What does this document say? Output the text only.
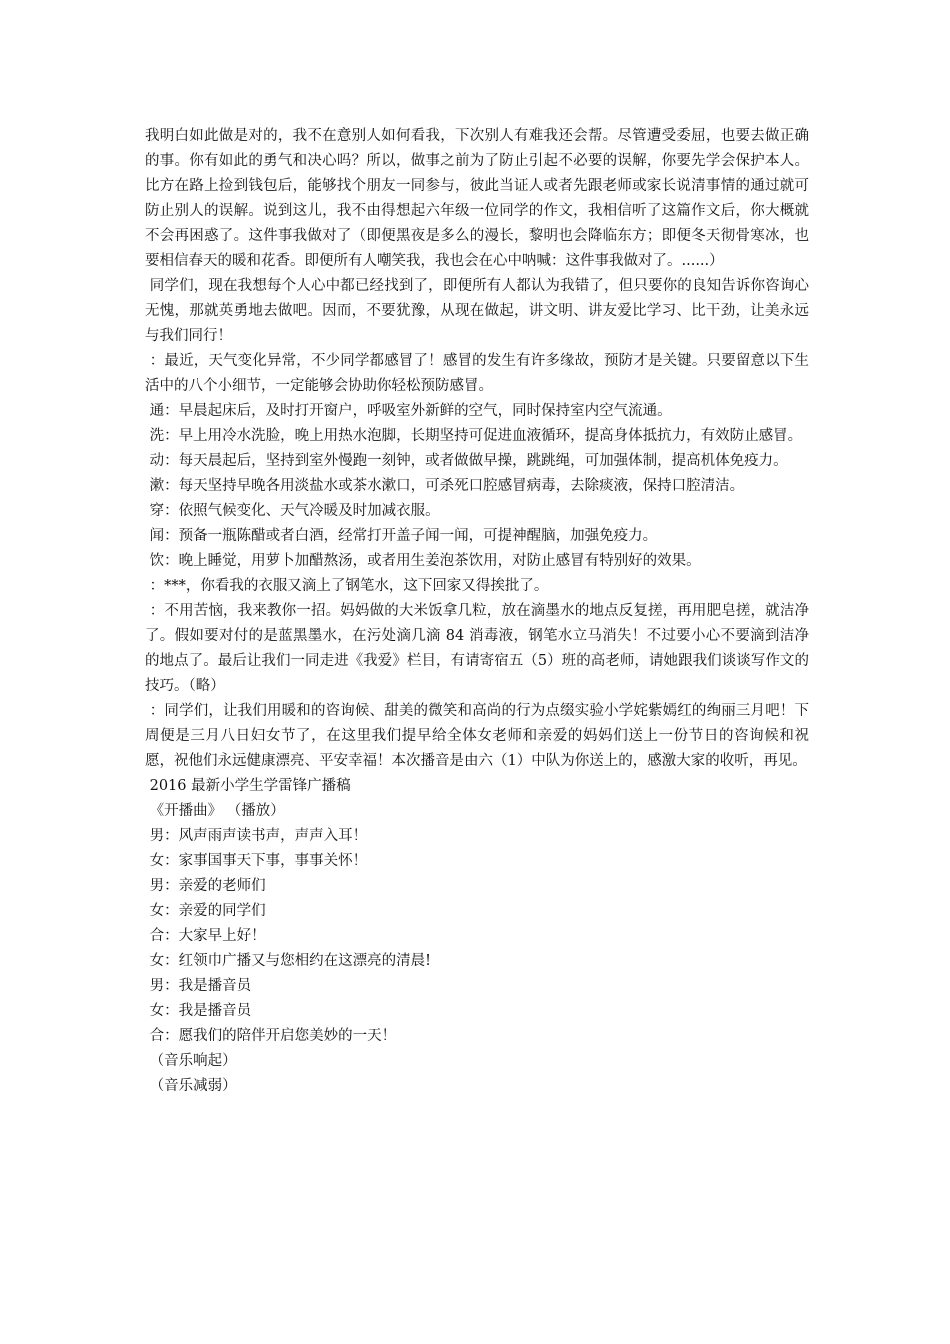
我明白如此做是对的，我不在意别人如何看我，下次别人有难我还会帮。尽管遭受委屈，也要去做正确的事。你有如此的勇气和决心吗？所以，做事之前为了防止引起不必要的误解，你要先学会保护本人。比方在路上捡到钱包后，能够找个朋友一同参与，彼此当证人或者先跟老师或家长说清事情的通过就可防止别人的误解。说到这儿，我不由得想起六年级一位同学的作文，我相信听了这篇作文后，你大概就不会再困惑了。这件事我做对了（即便黑夜是多么的漫长，黎明也会降临东方；即便冬天彻骨寒冰，也要相信春天的暖和花香。即便所有人嘲笑我，我也会在心中呐喊：这件事我做对了。......）

同学们，现在我想每个人心中都已经找到了，即便所有人都认为我错了，但只要你的良知告诉你咨询心无愧，那就英勇地去做吧。因而，不要犹豫，从现在做起，讲文明、讲友爱比学习、比干劲，让美永远与我们同行！

：最近，天气变化异常，不少同学都感冒了！感冒的发生有许多缘故，预防才是关键。只要留意以下生活中的八个小细节，一定能够会协助你轻松预防感冒。

通：早晨起床后，及时打开窗户，呼吸室外新鲜的空气，同时保持室内空气流通。

洗：早上用冷水洗脸，晚上用热水泡脚，长期坚持可促进血液循环，提高身体抵抗力，有效防止感冒。

动：每天晨起后，坚持到室外慢跑一刻钟，或者做做早操，跳跳绳，可加强体制，提高机体免疫力。

漱：每天坚持早晚各用淡盐水或茶水漱口，可杀死口腔感冒病毒，去除痰液，保持口腔清洁。

穿：依照气候变化、天气冷暖及时加减衣服。

闻：预备一瓶陈醋或者白酒，经常打开盖子闻一闻，可提神醒脑，加强免疫力。

饮：晚上睡觉，用萝卜加醋熬汤，或者用生姜泡茶饮用，对防止感冒有特别好的效果。

：***，你看我的衣服又滴上了钢笔水，这下回家又得挨批了。

：不用苦恼，我来教你一招。妈妈做的大米饭拿几粒，放在滴墨水的地点反复搓，再用肥皂搓，就洁净了。假如要对付的是蓝黑墨水，在污处滴几滴 84 消毒液，钢笔水立马消失！不过要小心不要滴到洁净的地点了。最后让我们一同走进《我爱》栏目，有请寄宿五（5）班的高老师，请她跟我们谈谈写作文的技巧。（略）

：同学们，让我们用暖和的咨询候、甜美的微笑和高尚的行为点缀实验小学姹紫嫣红的绚丽三月吧！下周便是三月八日妇女节了，在这里我们提早给全体女老师和亲爱的妈妈们送上一份节日的咨询候和祝愿，祝他们永远健康漂亮、平安幸福！本次播音是由六（1）中队为你送上的，感激大家的收听，再见。

2016 最新小学生学雷锋广播稿

《开播曲》 （播放）

男：风声雨声读书声，声声入耳！

女：家事国事天下事，事事关怀！

男：亲爱的老师们

女：亲爱的同学们

合：大家早上好！

女：红领巾广播又与您相约在这漂亮的清晨!

男：我是播音员

女：我是播音员

合：愿我们的陪伴开启您美妙的一天！

（音乐响起）

（音乐减弱）
